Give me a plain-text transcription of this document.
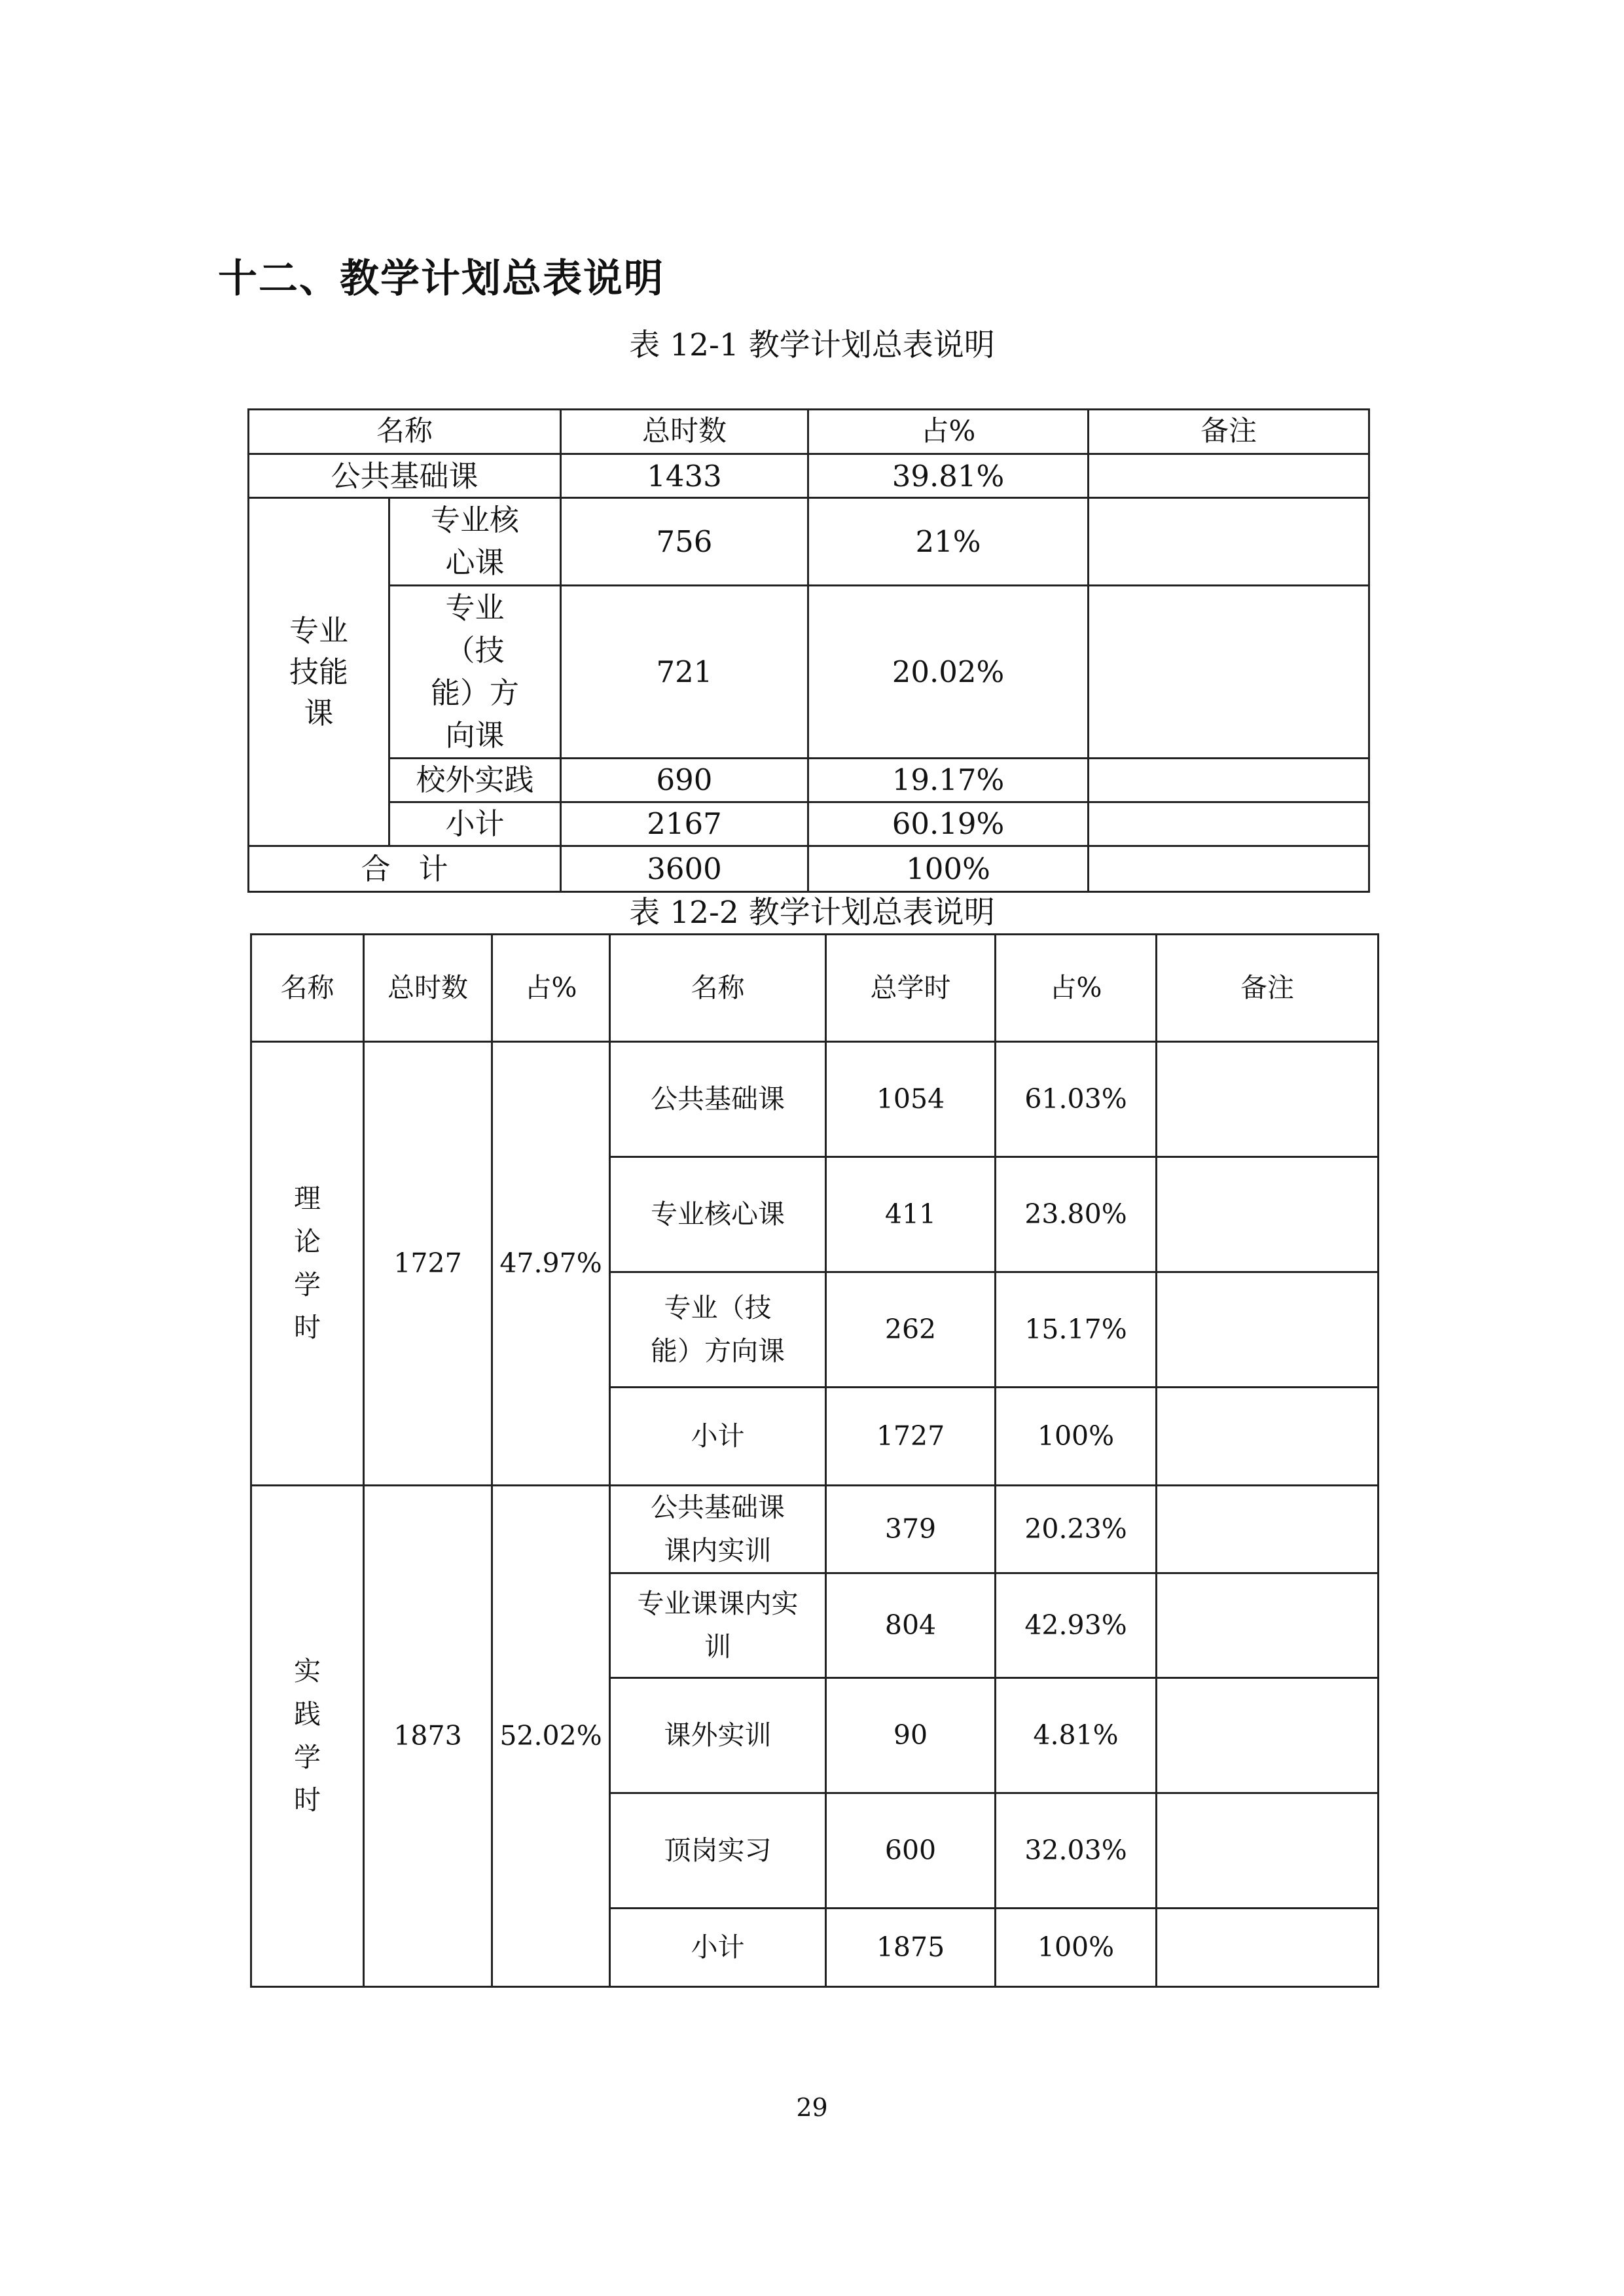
十二、教学计划总表说明
表 12-1 教学计划总表说明
名称		总时数	占%	备注
公共基础课		1433	39.81%	

专业技能课	专业核心课	756	21%	

	专业（技能）方向课	721	20.02%	
	校外实践	690	19.17%	
	小计	2167	60.19%	
合   计		3600	100%	
表 12-2 教学计划总表说明
名称	总时数	占%	名称	总学时	占%	备注

理论学时	1727	47.97%	公共基础课	1054	61.03%	
			专业核心课	411	23.80%	

			专业（技能）方向课	262	15.17%	
			小计	1727	100%	

实践学时	1873	52.02%	公共基础课课内实训	379	20.23%	

			专业课课内实训	804	42.93%	
			课外实训	90	4.81%	
			顶岗实习	600	32.03%	
			小计	1875	100%	
29
